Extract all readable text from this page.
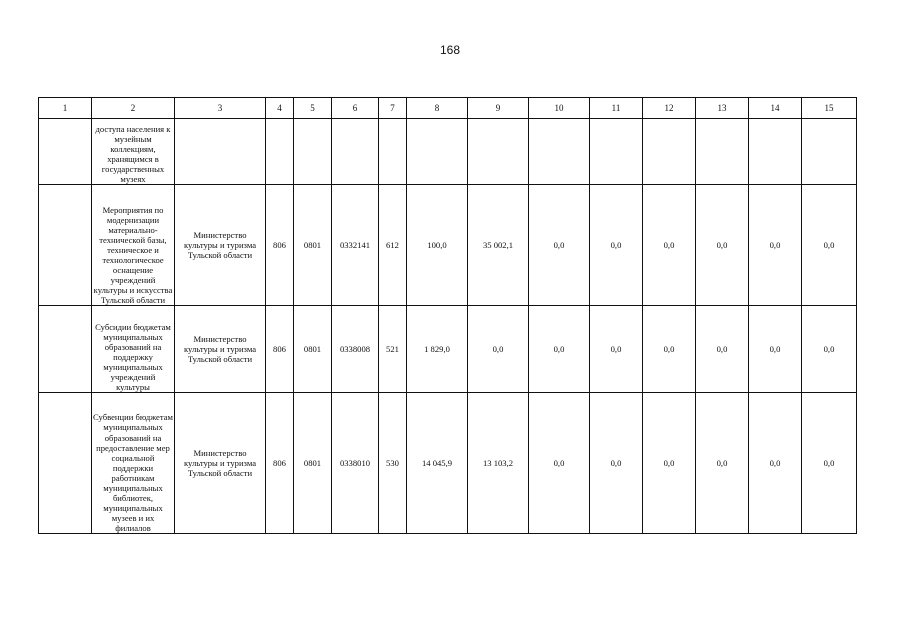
168
1	2	3	4	5	6	7	8	9	10	11	12	13	14	15
	доступа населения к музейным коллекциям, хранящимся в государственных музеях													
	Мероприятия по модернизации материально-технической базы, техническое и технологическое оснащение учреждений культуры и искусства Тульской области	Министерство культуры и туризма Тульской области	806	0801	0332141	612	100,0	35 002,1	0,0	0,0	0,0	0,0	0,0	0,0
	Субсидии бюджетам муниципальных образований на поддержку муниципальных учреждений культуры	Министерство культуры и туризма Тульской области	806	0801	0338008	521	1 829,0	0,0	0,0	0,0	0,0	0,0	0,0	0,0
	Субвенции бюджетам муниципальных образований на предоставление мер социальной поддержки работникам муниципальных библиотек, муниципальных музеев и их филиалов	Министерство культуры и туризма Тульской области	806	0801	0338010	530	14 045,9	13 103,2	0,0	0,0	0,0	0,0	0,0	0,0
